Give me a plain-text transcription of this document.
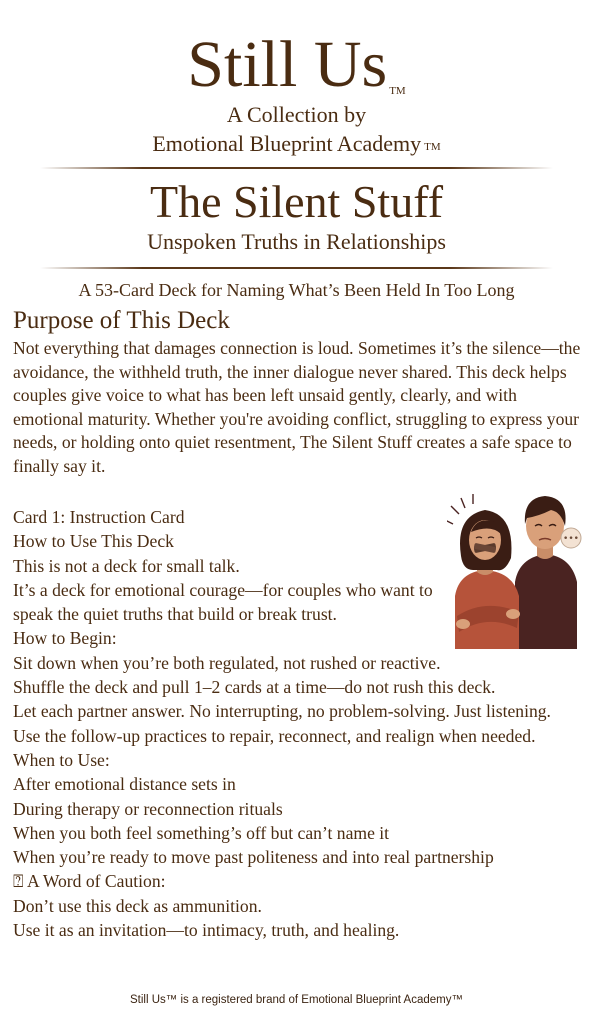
Still Us ™
A Collection by
Emotional Blueprint Academy ™
The Silent Stuff
Unspoken Truths in Relationships
A 53-Card Deck for Naming What’s Been Held In Too Long
Purpose of This Deck

Not everything that damages connection is loud. Sometimes it’s the silence—the avoidance, the withheld truth, the inner dialogue never shared. This deck helps couples give voice to what has been left unsaid gently, clearly, and with emotional maturity. Whether you're avoiding conflict, struggling to express your needs, or holding onto quiet resentment, The Silent Stuff creates a safe space to finally say it.

Card 1: Instruction Card
How to Use This Deck
This is not a deck for small talk.
It’s a deck for emotional courage—for couples who want to speak the quiet truths that build or break trust.
How to Begin:
Sit down when you’re both regulated, not rushed or reactive.
Shuffle the deck and pull 1–2 cards at a time—do not rush this deck.
Let each partner answer. No interrupting, no problem-solving. Just listening.
Use the follow-up practices to repair, reconnect, and realign when needed.
When to Use:
After emotional distance sets in
During therapy or reconnection rituals
When you both feel something’s off but can’t name it
When you’re ready to move past politeness and into real partnership
⍰ A Word of Caution:
Don’t use this deck as ammunition.
Use it as an invitation—to intimacy, truth, and healing.
•••
Still Us™ is a registered brand of Emotional Blueprint Academy™
